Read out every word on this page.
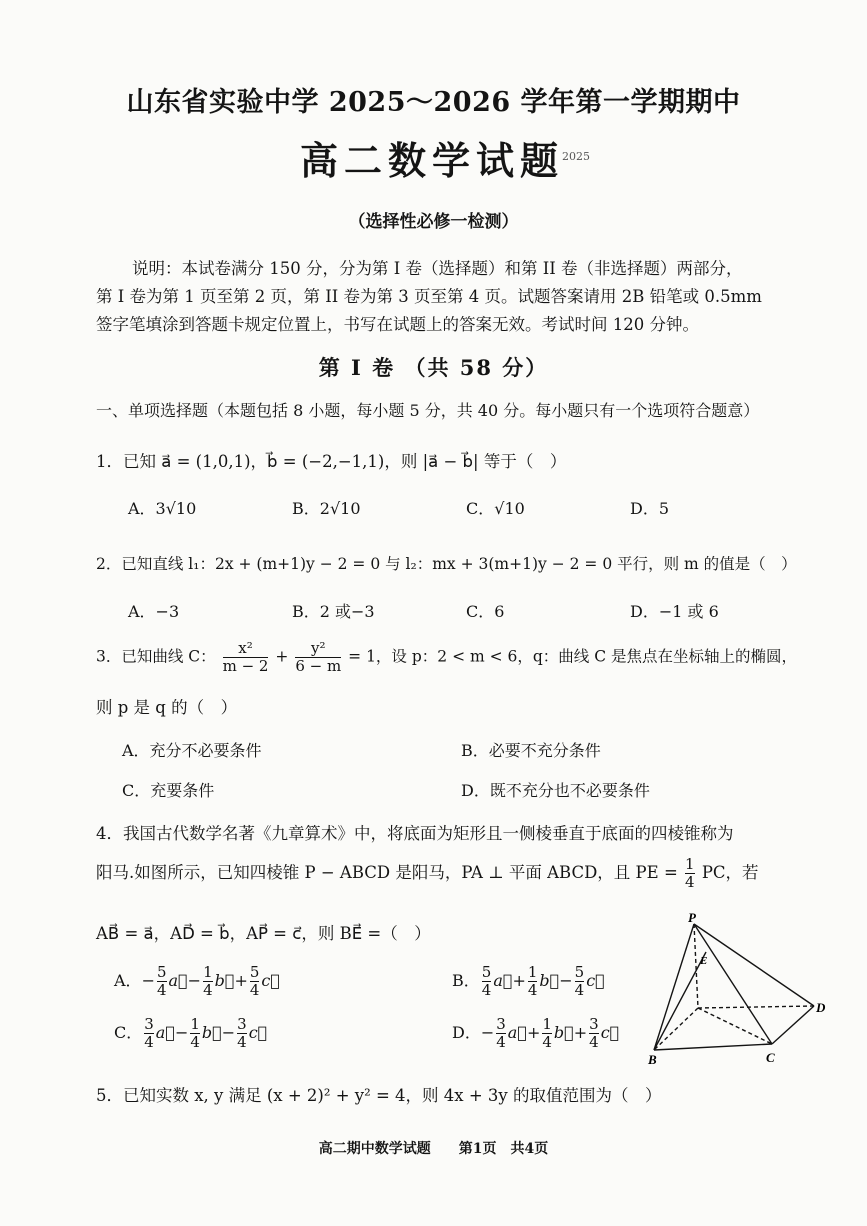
山东省实验中学 2025～2026 学年第一学期期中
高二数学试题
2025
（选择性必修一检测）
说明：本试卷满分 150 分，分为第 I 卷（选择题）和第 II 卷（非选择题）两部分，
第 I 卷为第 1 页至第 2 页，第 II 卷为第 3 页至第 4 页。试题答案请用 2B 铅笔或 0.5mm
签字笔填涂到答题卡规定位置上，书写在试题上的答案无效。考试时间 120 分钟。
第 I 卷 （共 58 分）
一、单项选择题（本题包括 8 小题，每小题 5 分，共 40 分。每小题只有一个选项符合题意）
1．已知 a⃗ = (1,0,1)，b⃗ = (−2,−1,1)，则 |a⃗ − b⃗| 等于（　）
A．3√10	B．2√10	C．√10	D．5
2．已知直线 l₁：2x + (m+1)y − 2 = 0 与 l₂：mx + 3(m+1)y − 2 = 0 平行，则 m 的值是（　）
A．−3	B．2 或−3	C．6	D．−1 或 6
3．已知曲线 C： $\frac{\text{x²}}{m - 2} + \frac{\text{y²}}{6 - m} = 1$，设 p：2 < m < 6，q：曲线 C 是焦点在坐标轴上的椭圆，
则 p 是 q 的（　）
A．充分不必要条件	B．必要不充分条件
C．充要条件	D．既不充分也不必要条件
4．我国古代数学名著《九章算术》中，将底面为矩形且一侧棱垂直于底面的四棱锥称为
阳马.如图所示，已知四棱锥 P − ABCD 是阳马，PA ⊥ 平面 ABCD，且 PE = $\frac{1}{4}$ PC，若
AB⃗ = a⃗，AD⃗ = b⃗，AP⃗ = c⃗，则 BE⃗ =（　）
A．− $\frac{5}{4}$ a⃗− $\frac{1}{4}$ b⃗+ $\frac{5}{4}$ c⃗	B． $\frac{5}{4}$ a⃗+ $\frac{1}{4}$ b⃗− $\frac{5}{4}$ c⃗
C． $\frac{3}{4}$ a⃗− $\frac{1}{4}$ b⃗− $\frac{3}{4}$ c⃗	D．− $\frac{3}{4}$ a⃗+ $\frac{1}{4}$ b⃗+ $\frac{3}{4}$ c⃗
P
E
B	C
D
5．已知实数 x, y 满足 (x + 2)² + y² = 4，则 4x + 3y 的取值范围为（　）
高二期中数学试题　　第1页　共4页
